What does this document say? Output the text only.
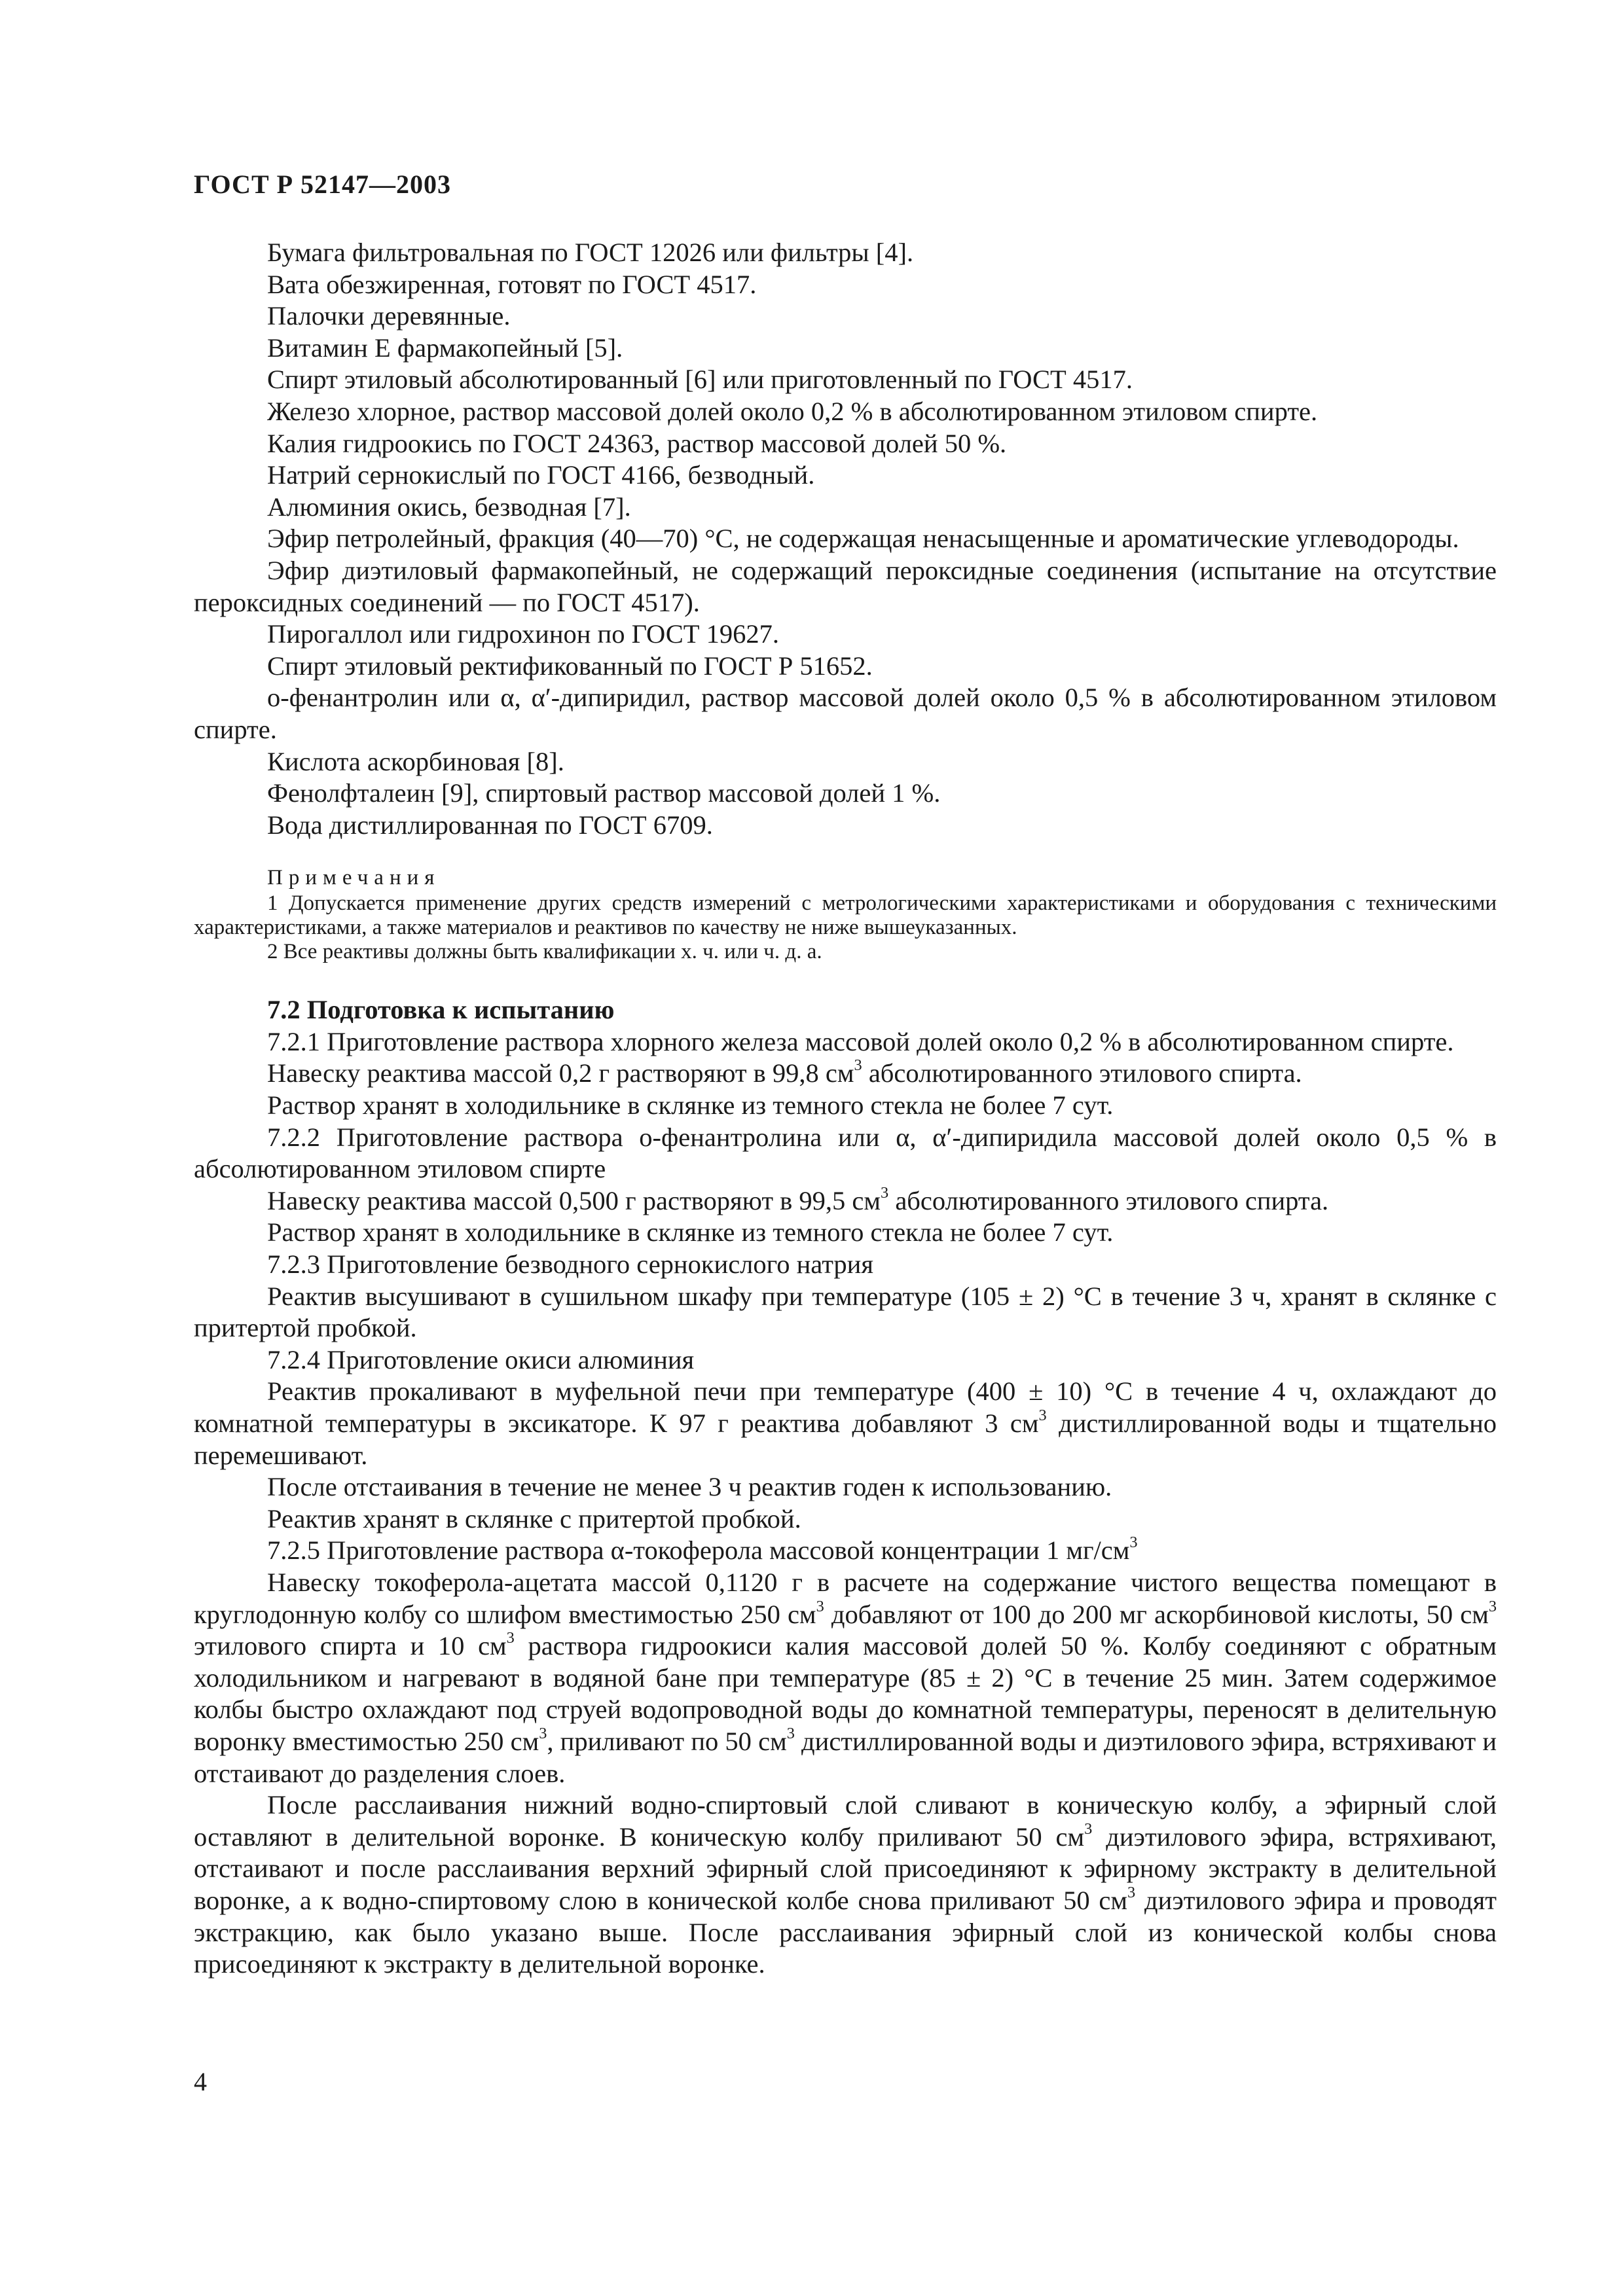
ГОСТ Р 52147—2003

Бумага фильтровальная по ГОСТ 12026 или фильтры [4].

Вата обезжиренная, готовят по ГОСТ 4517.

Палочки деревянные.

Витамин Е фармакопейный [5].

Спирт этиловый абсолютированный [6] или приготовленный по ГОСТ 4517.

Железо хлорное, раствор массовой долей около 0,2 % в абсолютированном этиловом спирте.

Калия гидроокись по ГОСТ 24363, раствор массовой долей 50 %.

Натрий сернокислый по ГОСТ 4166, безводный.

Алюминия окись, безводная [7].

Эфир петролейный, фракция (40—70) °С, не содержащая ненасыщенные и ароматические углеводороды.

Эфир диэтиловый фармакопейный, не содержащий пероксидные соединения (испытание на отсутствие пероксидных соединений — по ГОСТ 4517).

Пирогаллол или гидрохинон по ГОСТ 19627.

Спирт этиловый ректификованный по ГОСТ Р 51652.

о-фенантролин или α, α′-дипиридил, раствор массовой долей около 0,5 % в абсолютированном этиловом спирте.

Кислота аскорбиновая [8].

Фенолфталеин [9], спиртовый раствор массовой долей 1 %.

Вода дистиллированная по ГОСТ 6709.

Примечания

1 Допускается применение других средств измерений с метрологическими характеристиками и оборудования с техническими характеристиками, а также материалов и реактивов по качеству не ниже вышеуказанных.

2 Все реактивы должны быть квалификации х. ч. или ч. д. а.

7.2 Подготовка к испытанию

7.2.1 Приготовление раствора хлорного железа массовой долей около 0,2 % в абсолютированном спирте.

Навеску реактива массой 0,2 г растворяют в 99,8 $см^3$ абсолютированного этилового спирта.

Раствор хранят в холодильнике в склянке из темного стекла не более 7 сут.

7.2.2 Приготовление раствора о-фенантролина или α, α′-дипиридила массовой долей около 0,5 % в абсолютированном этиловом спирте

Навеску реактива массой 0,500 г растворяют в 99,5 $см^3$ абсолютированного этилового спирта.

Раствор хранят в холодильнике в склянке из темного стекла не более 7 сут.

7.2.3 Приготовление безводного сернокислого натрия

Реактив высушивают в сушильном шкафу при температуре (105 ± 2) °С в течение 3 ч, хранят в склянке с притертой пробкой.

7.2.4 Приготовление окиси алюминия

Реактив прокаливают в муфельной печи при температуре (400 ± 10) °С в течение 4 ч, охлаждают до комнатной температуры в эксикаторе. К 97 г реактива добавляют 3 $см^3$ дистиллированной воды и тщательно перемешивают.

После отстаивания в течение не менее 3 ч реактив годен к использованию.

Реактив хранят в склянке с притертой пробкой.

7.2.5 Приготовление раствора α-токоферола массовой концентрации 1 $мг/см^3$

Навеску токоферола-ацетата массой 0,1120 г в расчете на содержание чистого вещества помещают в круглодонную колбу со шлифом вместимостью 250 $см^3$ добавляют от 100 до 200 мг аскорбиновой кислоты, 50 $см^3$ этилового спирта и 10 $см^3$ раствора гидроокиси калия массовой долей 50 %. Колбу соединяют с обратным холодильником и нагревают в водяной бане при температуре (85 ± 2) °С в течение 25 мин. Затем содержимое колбы быстро охлаждают под струей водопроводной воды до комнатной температуры, переносят в делительную воронку вместимостью 250 $см^3$, приливают по 50 $см^3$ дистиллированной воды и диэтилового эфира, встряхивают и отстаивают до разделения слоев.

После расслаивания нижний водно-спиртовый слой сливают в коническую колбу, а эфирный слой оставляют в делительной воронке. В коническую колбу приливают 50 $см^3$ диэтилового эфира, встряхивают, отстаивают и после расслаивания верхний эфирный слой присоединяют к эфирному экстракту в делительной воронке, а к водно-спиртовому слою в конической колбе снова приливают 50 $см^3$ диэтилового эфира и проводят экстракцию, как было указано выше. После расслаивания эфирный слой из конической колбы снова присоединяют к экстракту в делительной воронке.

4
